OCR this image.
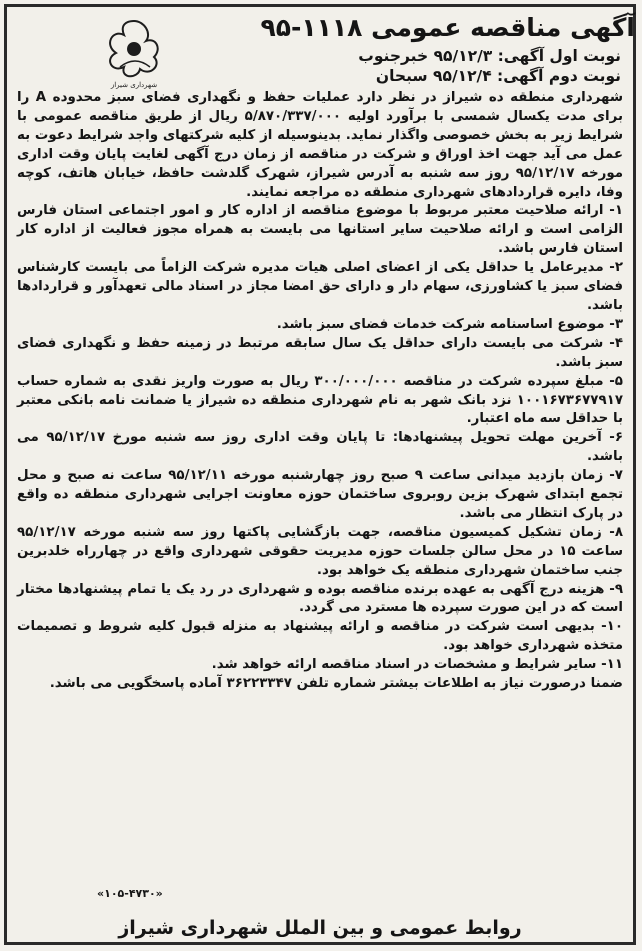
آگهی مناقصه عمومی ۱۱۱۸-۹۵
شهرداری شیراز
نوبت اول آگهی: ۹۵/۱۲/۳ خبرجنوب
نوبت دوم آگهی: ۹۵/۱۲/۴ سبحان

شهرداری منطقه ده شیراز در نظر دارد عملیات حفظ و نگهداری فضای سبز محدوده A را برای مدت یکسال شمسی با برآورد اولیه ۵/۸۷۰/۳۳۷/۰۰۰ ریال از طریق مناقصه عمومی با شرایط زیر به بخش خصوصی واگذار نماید. بدینوسیله از کلیه شرکتهای واجد شرایط دعوت به عمل می آید جهت اخذ اوراق و شرکت در مناقصه از زمان درج آگهی لغایت پایان وقت اداری مورخه ۹۵/۱۲/۱۷ روز سه شنبه به آدرس شیراز، شهرک گلدشت حافظ، خیابان هاتف، کوچه وفا، دایره قراردادهای شهرداری منطقه ده مراجعه نمایند.

۱- ارائه صلاحیت معتبر مربوط با موضوع مناقصه از اداره کار و امور اجتماعی استان فارس الزامی است و ارائه صلاحیت سایر استانها می بایست به همراه مجوز فعالیت از اداره کار استان فارس باشد.

۲- مدیرعامل یا حداقل یکی از اعضای اصلی هیات مدیره شرکت الزاماً می بایست کارشناس فضای سبز یا کشاورزی، سهام دار و دارای حق امضا مجاز در اسناد مالی تعهدآور و قراردادها باشد.

۳- موضوع اساسنامه شرکت خدمات فضای سبز باشد.

۴- شرکت می بایست دارای حداقل یک سال سابقه مرتبط در زمینه حفظ و نگهداری فضای سبز باشد.

۵- مبلغ سپرده شرکت در مناقصه ۳۰۰/۰۰۰/۰۰۰ ریال به صورت واریز نقدی به شماره حساب ۱۰۰۱۶۷۳۶۷۷۹۱۷ نزد بانک شهر به نام شهرداری منطقه ده شیراز یا ضمانت نامه بانکی معتبر با حداقل سه ماه اعتبار.

۶- آخرین مهلت تحویل پیشنهادها: تا پایان وقت اداری روز سه شنبه مورخ ۹۵/۱۲/۱۷ می باشد.

۷- زمان بازدید میدانی ساعت ۹ صبح روز چهارشنبه مورخه ۹۵/۱۲/۱۱ ساعت نه صبح و محل تجمع ابتدای شهرک بزین روبروی ساختمان حوزه معاونت اجرایی شهرداری منطقه ده واقع در پارک انتظار می باشد.

۸- زمان تشکیل کمیسیون مناقصه، جهت بازگشایی پاکتها روز سه شنبه مورخه ۹۵/۱۲/۱۷ ساعت ۱۵ در محل سالن جلسات حوزه مدیریت حقوقی شهرداری واقع در چهارراه خلدبرین جنب ساختمان شهرداری منطقه یک خواهد بود.

۹- هزینه درج آگهی به عهده برنده مناقصه بوده و شهرداری در رد یک یا تمام پیشنهادها مختار است که در این صورت سپرده ها مسترد می گردد.

۱۰- بدیهی است شرکت در مناقصه و ارائه پیشنهاد به منزله قبول کلیه شروط و تصمیمات متخذه شهرداری خواهد بود.

۱۱- سایر شرایط و مشخصات در اسناد مناقصه ارائه خواهد شد.

ضمنا درصورت نیاز به اطلاعات بیشتر شماره تلفن ۳۶۲۲۳۳۴۷ آماده پاسخگویی می باشد.

«۱۰۵-۴۷۳۰»
روابط عمومی و بین الملل شهرداری شیراز
